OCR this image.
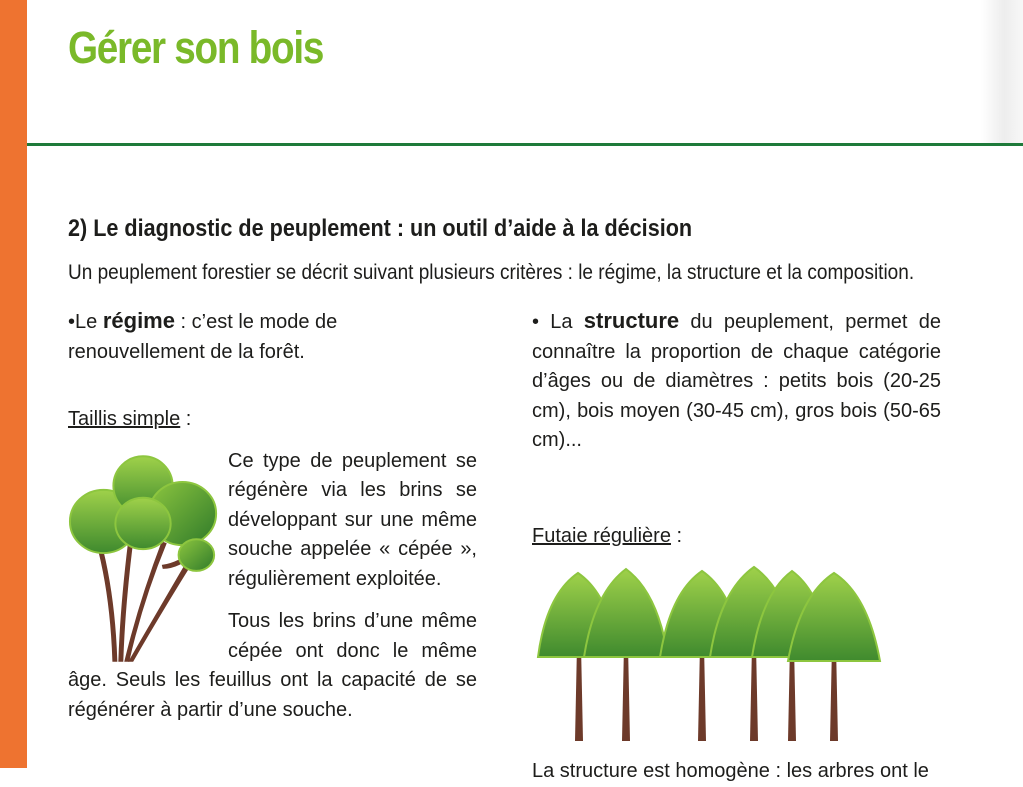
Gérer son bois
2) Le diagnostic de peuplement : un outil d’aide à la décision

Un peuplement forestier se décrit suivant plusieurs critères : le régime, la structure et la composition.

•Le régime : c’est le mode de renouvellement de la forêt.

Taillis simple :

Ce type de peuplement se régénère via les brins se développant sur une même souche appelée « cépée », régulièrement exploitée.

Tous les brins d’une même cépée ont donc le même âge. Seuls les feuillus ont la capacité de se régénérer à partir d’une souche.

• La structure du peuplement, permet de connaître la proportion de chaque catégorie d’âges ou de diamètres : petits bois (20-25 cm), bois moyen (30-45 cm), gros bois (50-65 cm)...

Futaie régulière :

La structure est homogène : les arbres ont le
